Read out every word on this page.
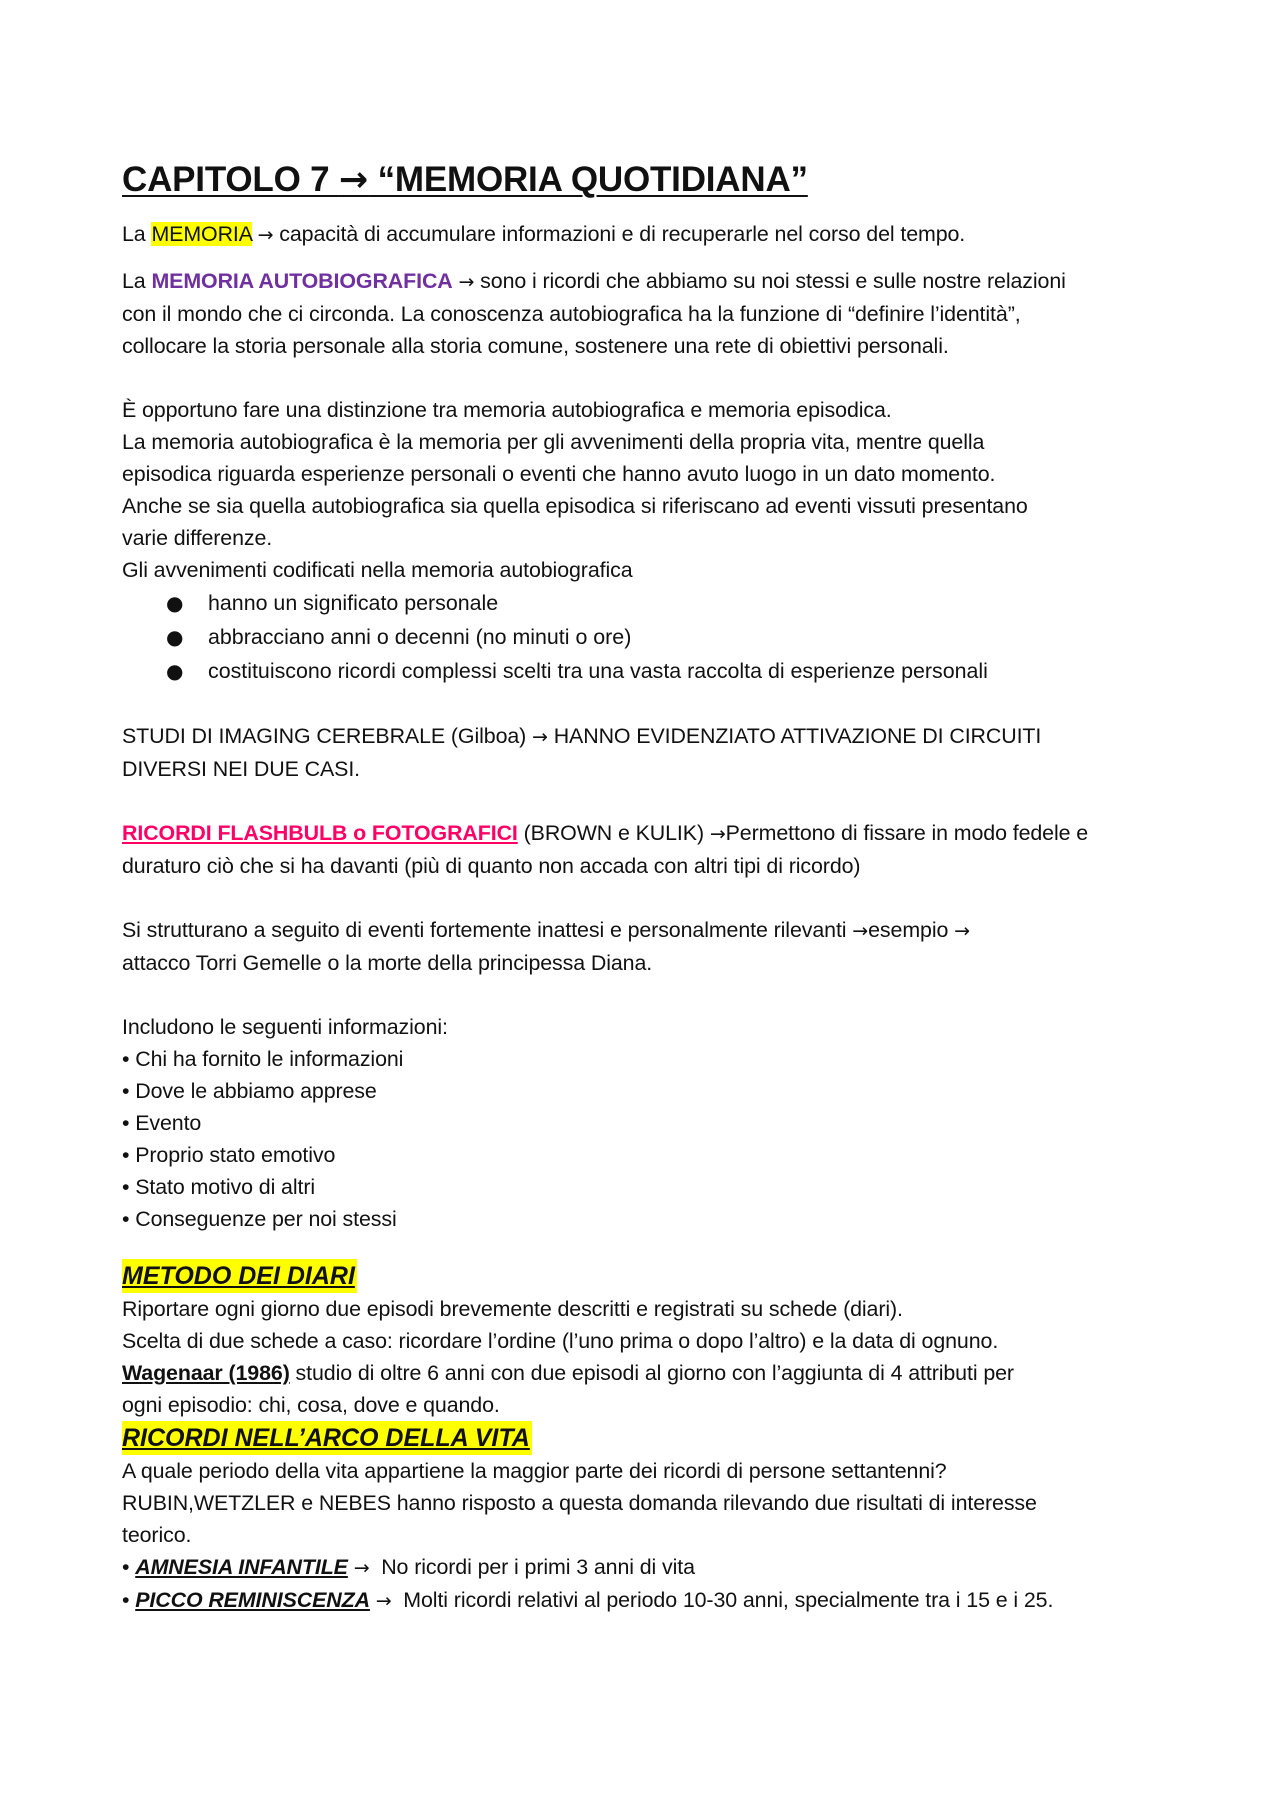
CAPITOLO 7 → “MEMORIA QUOTIDIANA”

La MEMORIA → capacità di accumulare informazioni e di recuperarle nel corso del tempo.

La MEMORIA AUTOBIOGRAFICA → sono i ricordi che abbiamo su noi stessi e sulle nostre relazioni

con il mondo che ci circonda. La conoscenza autobiografica ha la funzione di “definire l’identità”,

collocare la storia personale alla storia comune, sostenere una rete di obiettivi personali.

È opportuno fare una distinzione tra memoria autobiografica e memoria episodica.

La memoria autobiografica è la memoria per gli avvenimenti della propria vita, mentre quella

episodica riguarda esperienze personali o eventi che hanno avuto luogo in un dato momento.

Anche se sia quella autobiografica sia quella episodica si riferiscano ad eventi vissuti presentano

varie differenze.

Gli avvenimenti codificati nella memoria autobiografica

● hanno un significato personale
● abbracciano anni o decenni (no minuti o ore)
● costituiscono ricordi complessi scelti tra una vasta raccolta di esperienze personali

STUDI DI IMAGING CEREBRALE (Gilboa) → HANNO EVIDENZIATO ATTIVAZIONE DI CIRCUITI

DIVERSI NEI DUE CASI.

RICORDI FLASHBULB o FOTOGRAFICI (BROWN e KULIK) →Permettono di fissare in modo fedele e

duraturo ciò che si ha davanti (più di quanto non accada con altri tipi di ricordo)

Si strutturano a seguito di eventi fortemente inattesi e personalmente rilevanti →esempio →

attacco Torri Gemelle o la morte della principessa Diana.

Includono le seguenti informazioni:

• Chi ha fornito le informazioni

• Dove le abbiamo apprese

• Evento

• Proprio stato emotivo

• Stato motivo di altri

• Conseguenze per noi stessi

METODO DEI DIARI

Riportare ogni giorno due episodi brevemente descritti e registrati su schede (diari).

Scelta di due schede a caso: ricordare l’ordine (l’uno prima o dopo l’altro) e la data di ognuno.

Wagenaar (1986) studio di oltre 6 anni con due episodi al giorno con l’aggiunta di 4 attributi per

ogni episodio: chi, cosa, dove e quando.

RICORDI NELL’ARCO DELLA VITA

A quale periodo della vita appartiene la maggior parte dei ricordi di persone settantenni?

RUBIN,WETZLER e NEBES hanno risposto a questa domanda rilevando due risultati di interesse

teorico.

• AMNESIA INFANTILE →  No ricordi per i primi 3 anni di vita

• PICCO REMINISCENZA →  Molti ricordi relativi al periodo 10-30 anni, specialmente tra i 15 e i 25.
